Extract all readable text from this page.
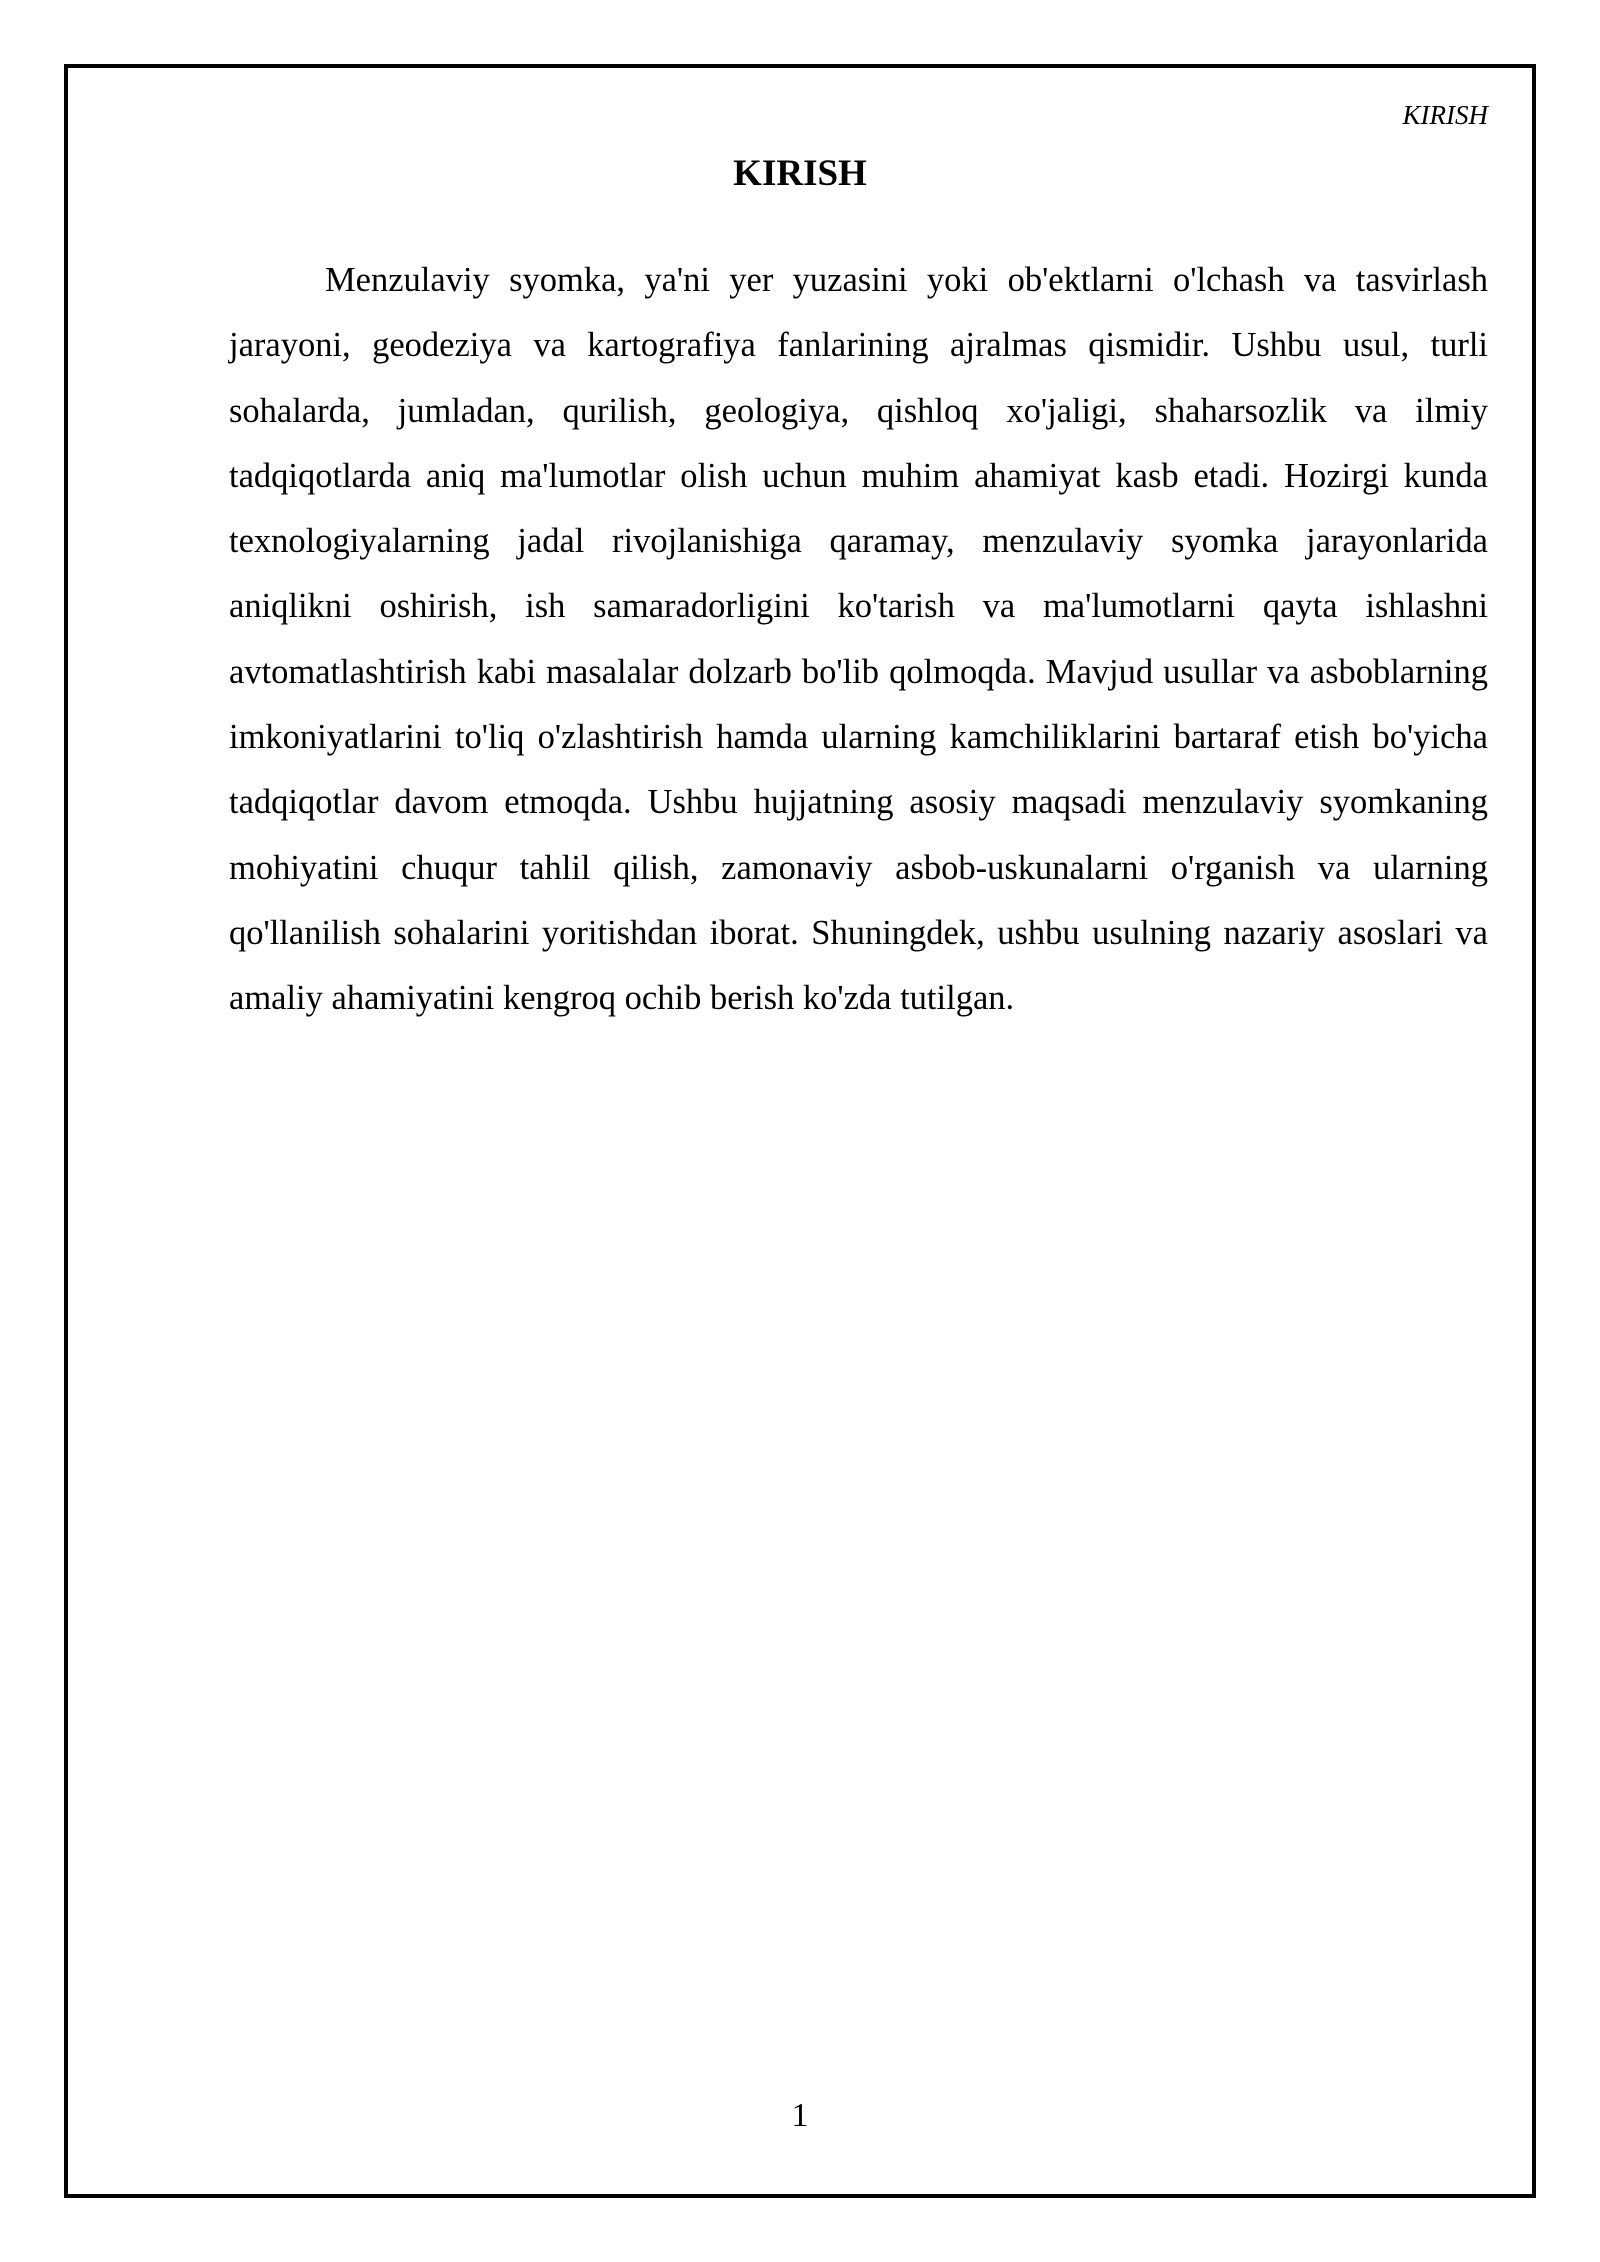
KIRISH
KIRISH

Menzulaviy syomka, ya'ni yer yuzasini yoki ob'ektlarni o'lchash va tasvirlash jarayoni, geodeziya va kartografiya fanlarining ajralmas qismidir. Ushbu usul, turli sohalarda, jumladan, qurilish, geologiya, qishloq xo'jaligi, shaharsozlik va ilmiy tadqiqotlarda aniq ma'lumotlar olish uchun muhim ahamiyat kasb etadi. Hozirgi kunda texnologiyalarning jadal rivojlanishiga qaramay, menzulaviy syomka jarayonlarida aniqlikni oshirish, ish samaradorligini ko'tarish va ma'lumotlarni qayta ishlashni avtomatlashtirish kabi masalalar dolzarb bo'lib qolmoqda. Mavjud usullar va asboblarning imkoniyatlarini to'liq o'zlashtirish hamda ularning kamchiliklarini bartaraf etish bo'yicha tadqiqotlar davom etmoqda. Ushbu hujjatning asosiy maqsadi menzulaviy syomkaning mohiyatini chuqur tahlil qilish, zamonaviy asbob-uskunalarni o'rganish va ularning qo'llanilish sohalarini yoritishdan iborat. Shuningdek, ushbu usulning nazariy asoslari va amaliy ahamiyatini kengroq ochib berish ko'zda tutilgan.

1
